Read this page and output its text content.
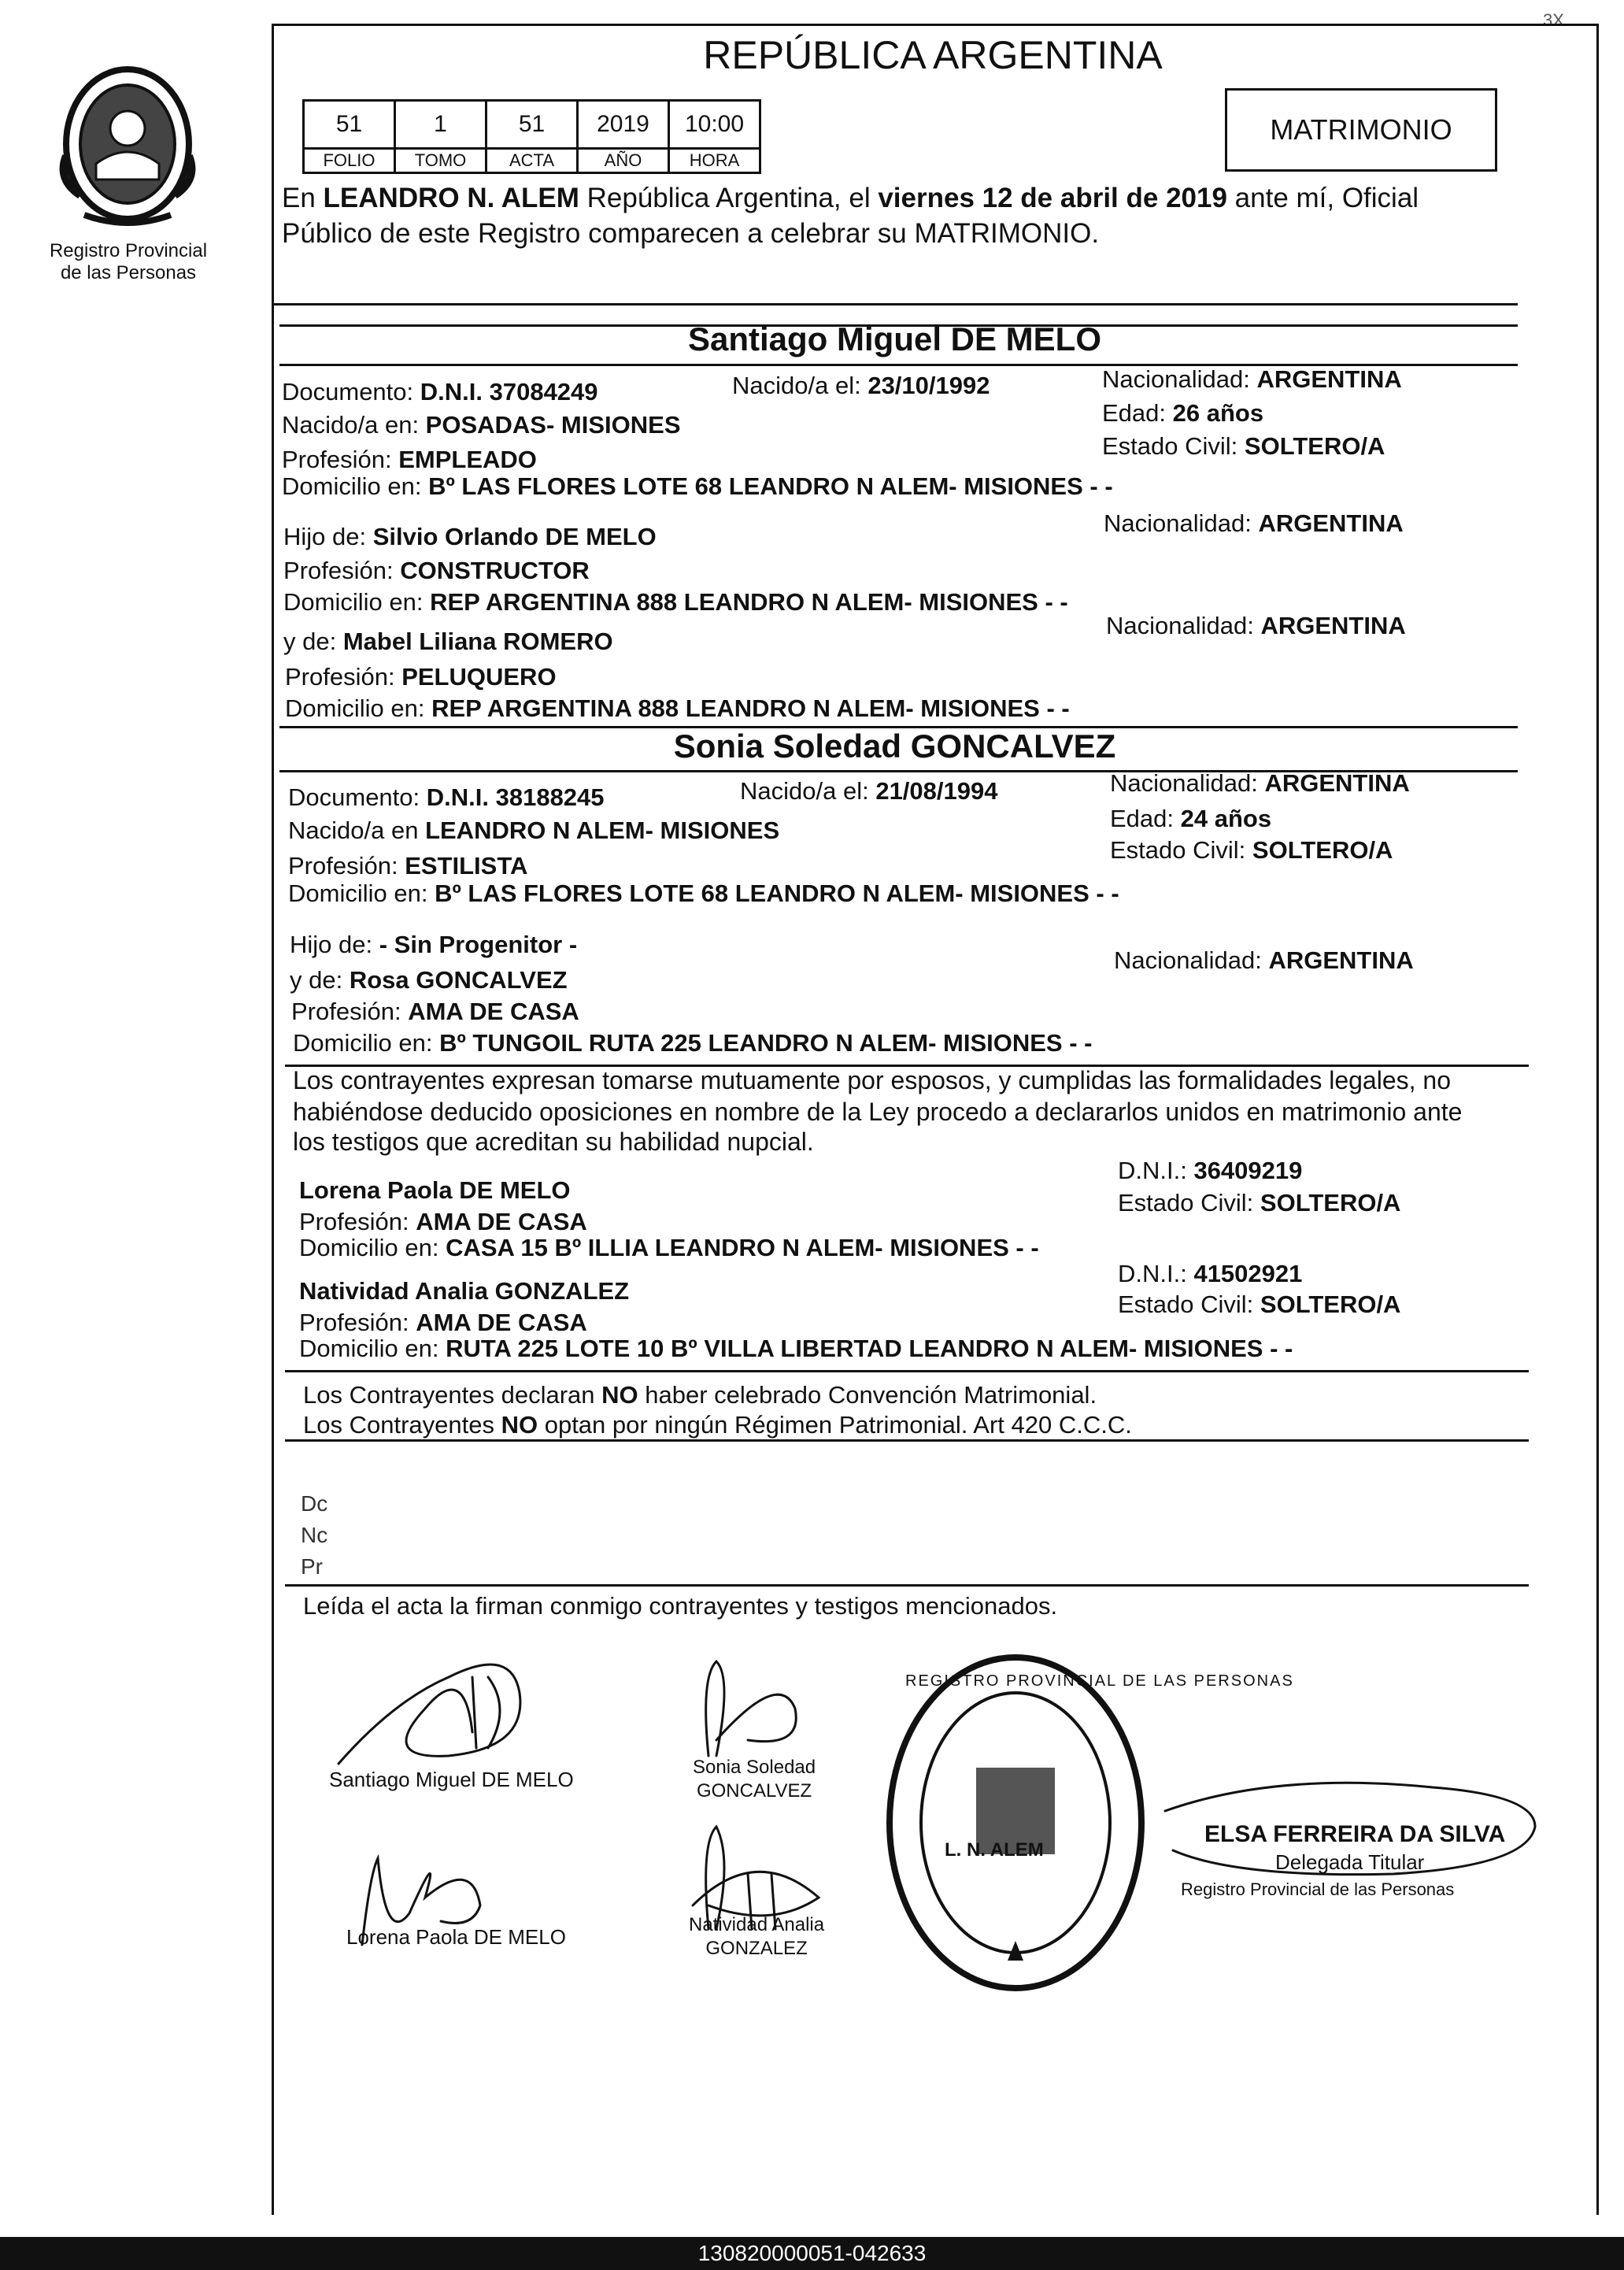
Registro Provincial
de las Personas
3X
REPÚBLICA ARGENTINA
51	1	51	2019	10:00
FOLIO	TOMO	ACTA	AÑO	HORA
MATRIMONIO
En LEANDRO N. ALEM República Argentina, el viernes 12 de abril de 2019 ante mí, Oficial
Público de este Registro comparecen a celebrar su MATRIMONIO.
Santiago Miguel DE MELO
Documento: D.N.I. 37084249	Nacido/a el: 23/10/1992	Nacionalidad: ARGENTINA
Edad: 26 años
Nacido/a en: POSADAS- MISIONES
Estado Civil: SOLTERO/A
Profesión: EMPLEADO
Domicilio en: Bº LAS FLORES LOTE 68 LEANDRO N ALEM- MISIONES - -
Hijo de: Silvio Orlando DE MELO	Nacionalidad: ARGENTINA
Profesión: CONSTRUCTOR
Domicilio en: REP ARGENTINA 888 LEANDRO N ALEM- MISIONES - -
y de: Mabel Liliana ROMERO
Nacionalidad: ARGENTINA
Profesión: PELUQUERO
Domicilio en: REP ARGENTINA 888 LEANDRO N ALEM- MISIONES - -
Sonia Soledad GONCALVEZ
Documento: D.N.I. 38188245	Nacido/a el: 21/08/1994	Nacionalidad: ARGENTINA
Edad: 24 años
Nacido/a en LEANDRO N ALEM- MISIONES
Estado Civil: SOLTERO/A
Profesión: ESTILISTA
Domicilio en: Bº LAS FLORES LOTE 68 LEANDRO N ALEM- MISIONES - -
Hijo de: - Sin Progenitor -
y de: Rosa GONCALVEZ
Nacionalidad: ARGENTINA
Profesión: AMA DE CASA
Domicilio en: Bº TUNGOIL RUTA 225 LEANDRO N ALEM- MISIONES - -
Los contrayentes expresan tomarse mutuamente por esposos, y cumplidas las formalidades legales, no
habiéndose deducido oposiciones en nombre de la Ley procedo a declararlos unidos en matrimonio ante
los testigos que acreditan su habilidad nupcial.
Lorena Paola DE MELO
D.N.I.: 36409219
Profesión: AMA DE CASA
Estado Civil: SOLTERO/A
Domicilio en: CASA 15 Bº ILLIA LEANDRO N ALEM- MISIONES - -
Natividad Analia GONZALEZ
D.N.I.: 41502921
Profesión: AMA DE CASA
Estado Civil: SOLTERO/A
Domicilio en: RUTA 225 LOTE 10 Bº VILLA LIBERTAD LEANDRO N ALEM- MISIONES - -
Los Contrayentes declaran NO haber celebrado Convención Matrimonial.
Los Contrayentes NO optan por ningún Régimen Patrimonial. Art 420 C.C.C.
Dc
Nc
Pr
Leída el acta la firman conmigo contrayentes y testigos mencionados.
Santiago Miguel DE MELO
Sonia Soledad
GONCALVEZ
Lorena Paola DE MELO
Natividad Analia
GONZALEZ
L. N. ALEM
REGISTRO PROVINCIAL DE LAS PERSONAS
ELSA FERREIRA DA SILVA
Delegada Titular
Registro Provincial de las Personas
130820000051-042633
